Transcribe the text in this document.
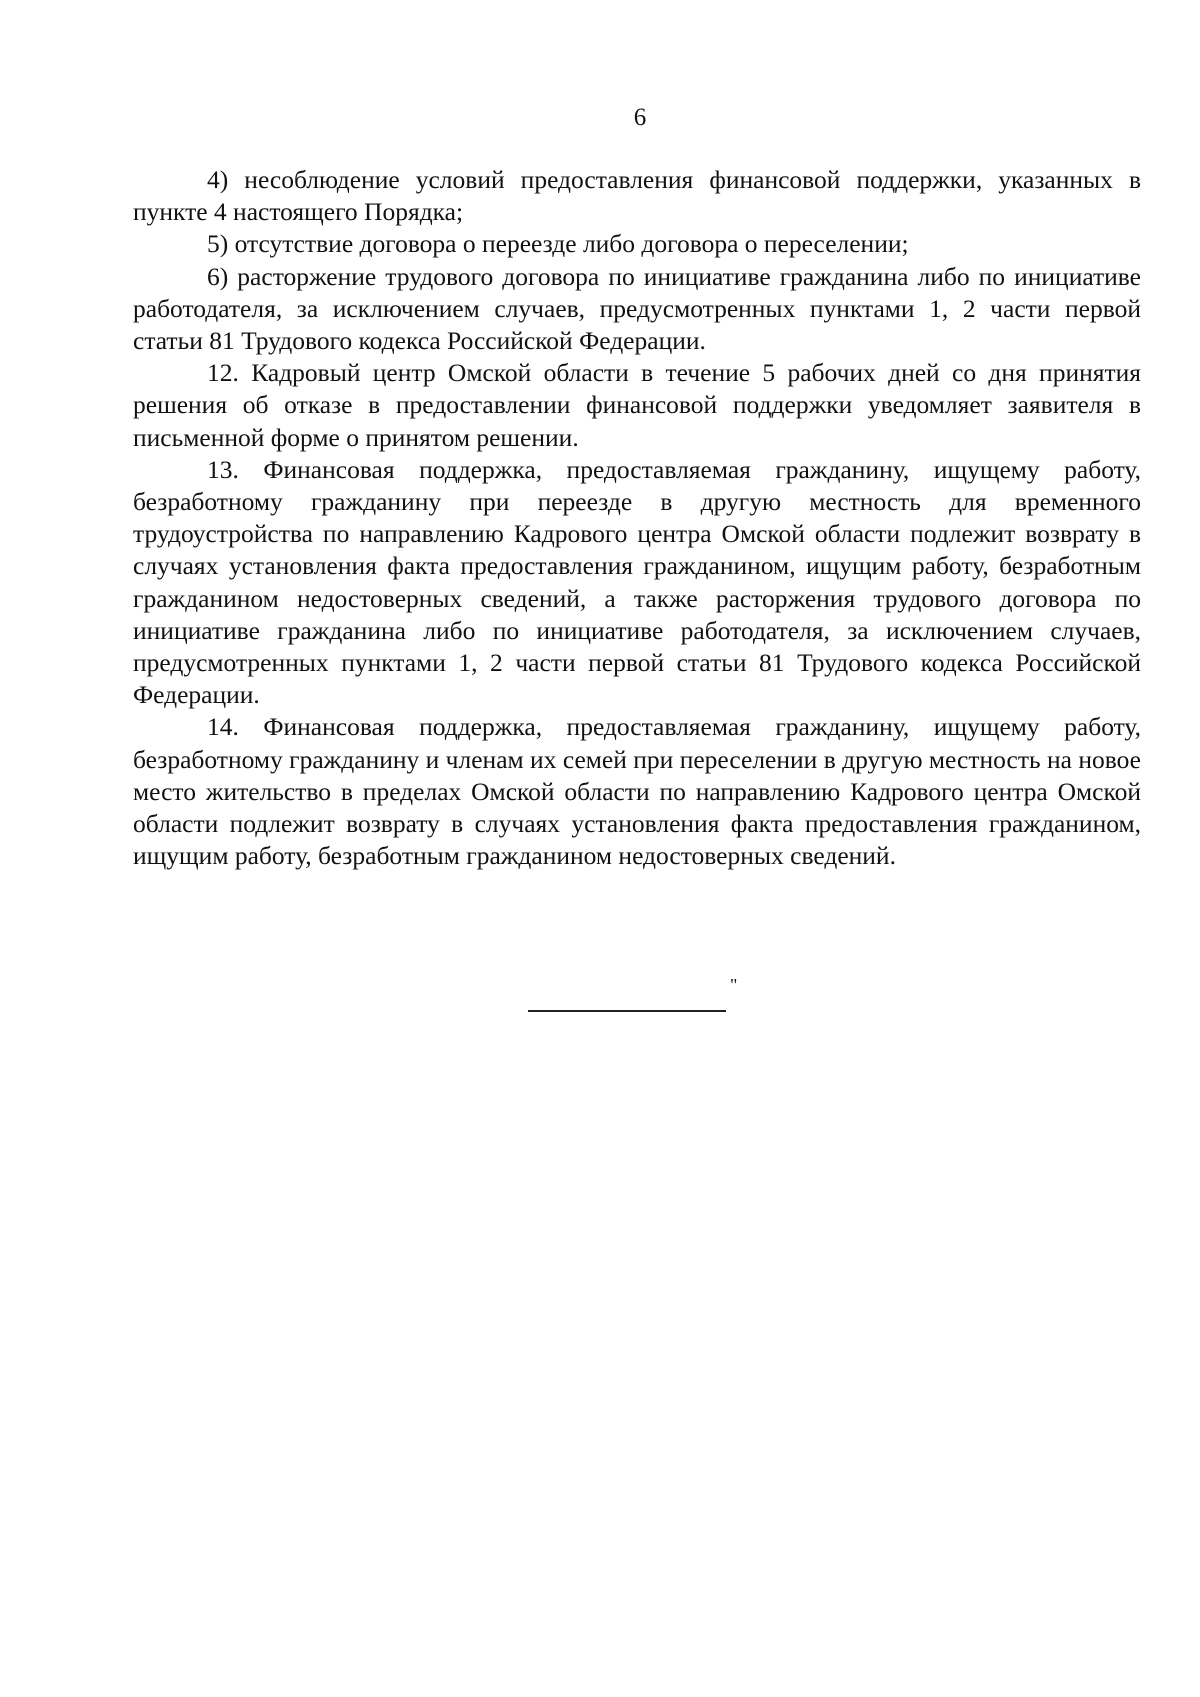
6

4) несоблюдение условий предоставления финансовой поддержки, указанных в пункте 4 настоящего Порядка;

5) отсутствие договора о переезде либо договора о переселении;

6) расторжение трудового договора по инициативе гражданина либо по инициативе работодателя, за исключением случаев, предусмотренных пунктами 1, 2 части первой статьи 81 Трудового кодекса Российской Федерации.

12. Кадровый центр Омской области в течение 5 рабочих дней со дня принятия решения об отказе в предоставлении финансовой поддержки уведомляет заявителя в письменной форме о принятом решении.

13. Финансовая поддержка, предоставляемая гражданину, ищущему работу, безработному гражданину при переезде в другую местность для временного трудоустройства по направлению Кадрового центра Омской области подлежит возврату в случаях установления факта предоставления гражданином, ищущим работу, безработным гражданином недостоверных сведений, а также расторжения трудового договора по инициативе гражданина либо по инициативе работодателя, за исключением случаев, предусмотренных пунктами 1, 2 части первой статьи 81 Трудового кодекса Российской Федерации.

14. Финансовая поддержка, предоставляемая гражданину, ищущему работу, безработному гражданину и членам их семей при переселении в другую местность на новое место жительство в пределах Омской области по направлению Кадрового центра Омской области подлежит возврату в случаях установления факта предоставления гражданином, ищущим работу, безработным гражданином недостоверных сведений.

"
